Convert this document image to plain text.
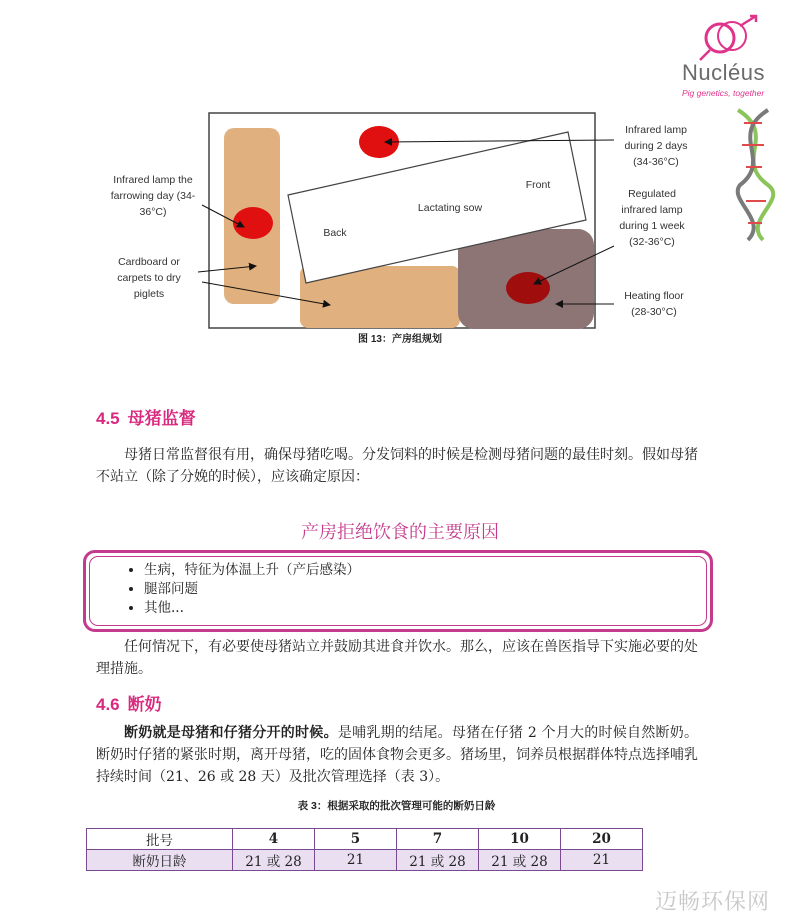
Nucléus
Pig genetics, together
Infrared lamp
during 2 days
(34-36°C)
Infrared lamp the
farrowing day (34-
36°C)
Cardboard or
carpets to dry
piglets
Regulated
infrared lamp
during 1 week
(32-36°C)
Heating floor
(28-30°C)
Lactating sow
Back
Front
图 13：产房组规划
4.5 母猪监督
母猪日常监督很有用，确保母猪吃喝。分发饲料的时候是检测母猪问题的最佳时刻。假如母猪不站立（除了分娩的时候），应该确定原因：
产房拒绝饮食的主要原因
• 生病，特征为体温上升（产后感染）
• 腿部问题
• 其他...
任何情况下，有必要使母猪站立并鼓励其进食并饮水。那么，应该在兽医指导下实施必要的处理措施。
4.6 断奶
断奶就是母猪和仔猪分开的时候。是哺乳期的结尾。母猪在仔猪 2 个月大的时候自然断奶。断奶时仔猪的紧张时期，离开母猪，吃的固体食物会更多。猪场里，饲养员根据群体特点选择哺乳持续时间（21、26 或 28 天）及批次管理选择（表 3）。
表 3：根据采取的批次管理可能的断奶日龄
批号	4	5	7	10	20
断奶日龄	21 或 28	21	21 或 28	21 或 28	21
迈畅环保网
